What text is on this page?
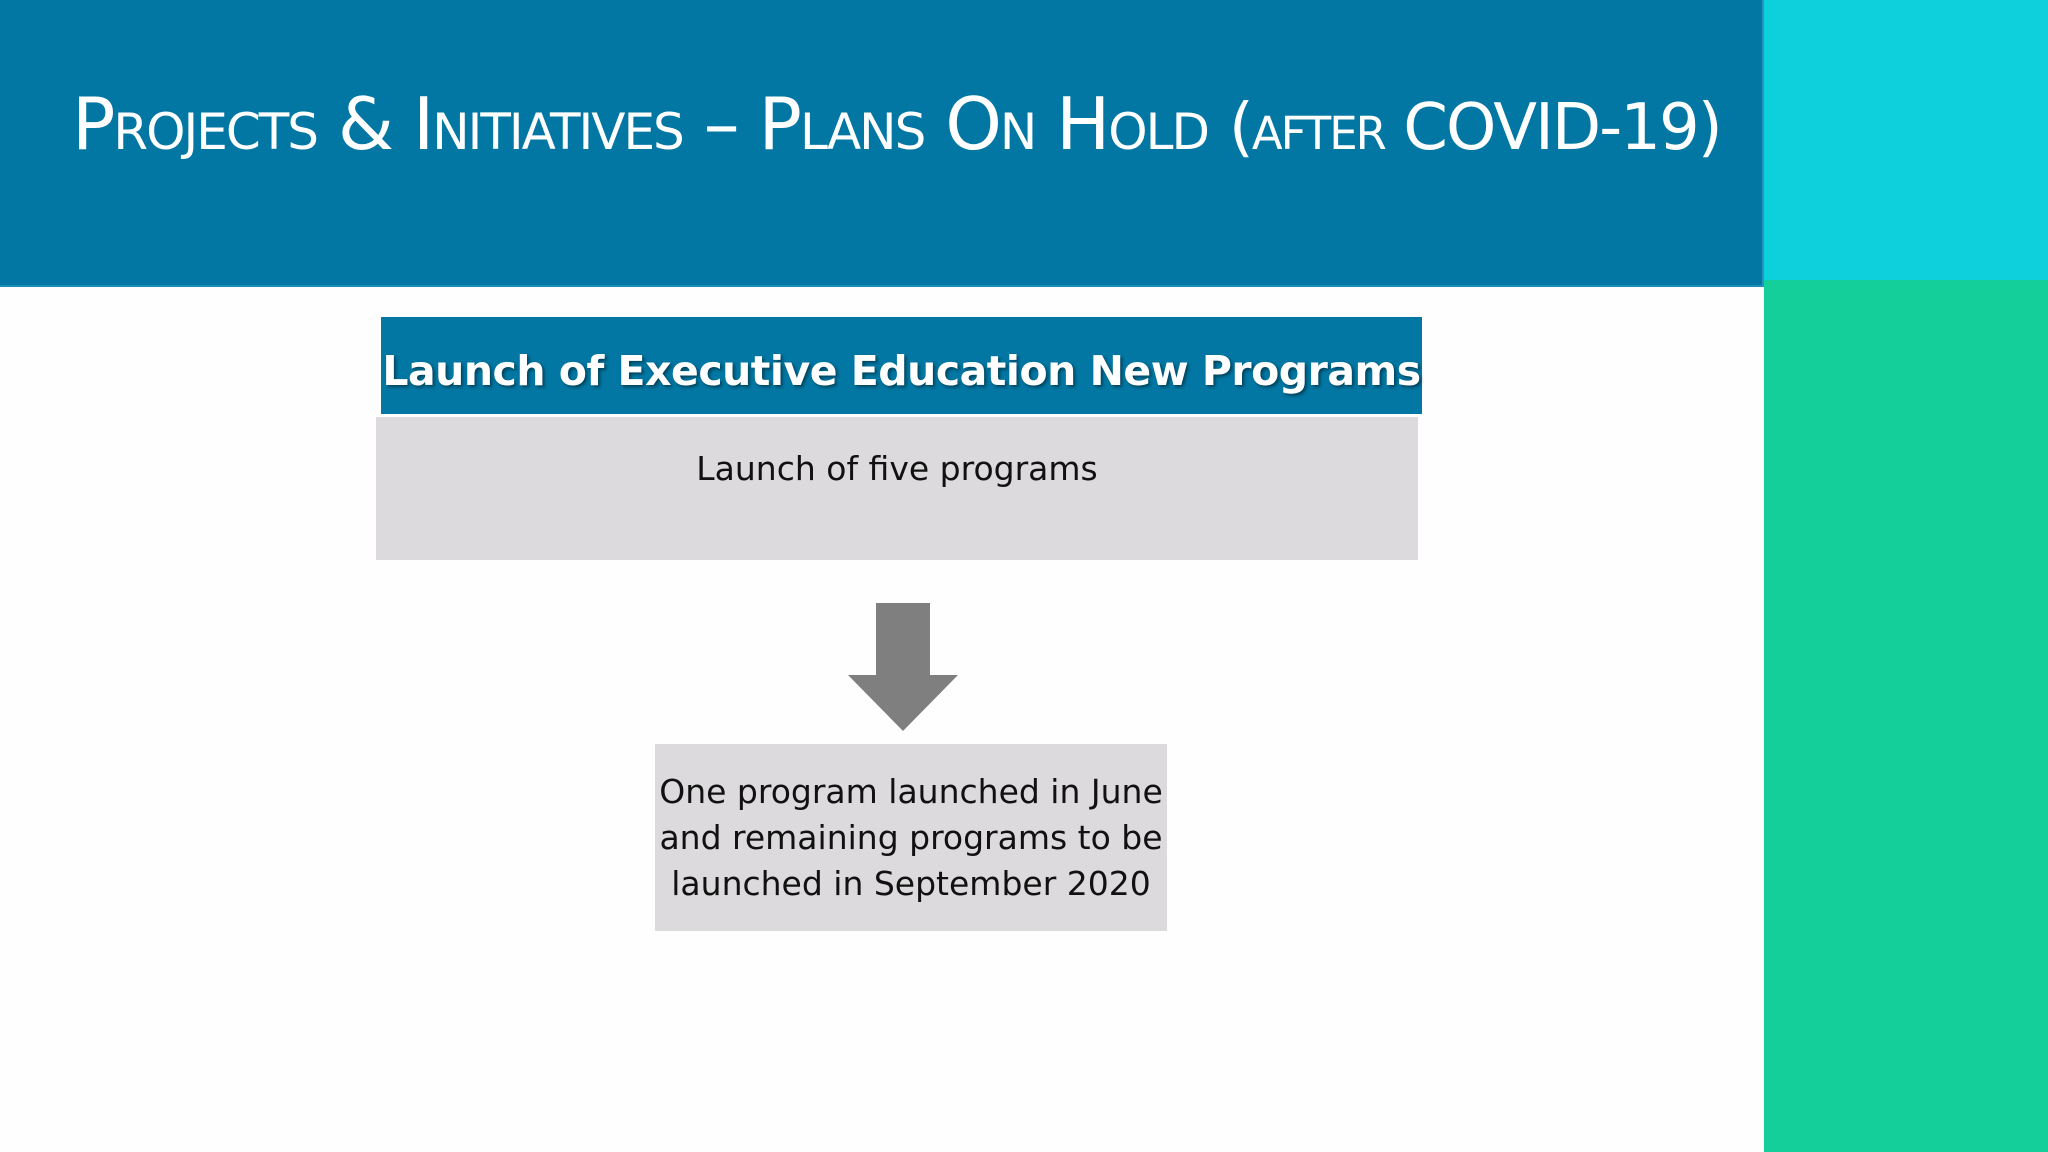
Projects & Initiatives – Plans On Hold (after COVID-19)
Launch of Executive Education New Programs
Launch of five programs
One program launched in June
and remaining programs to be
launched in September 2020
